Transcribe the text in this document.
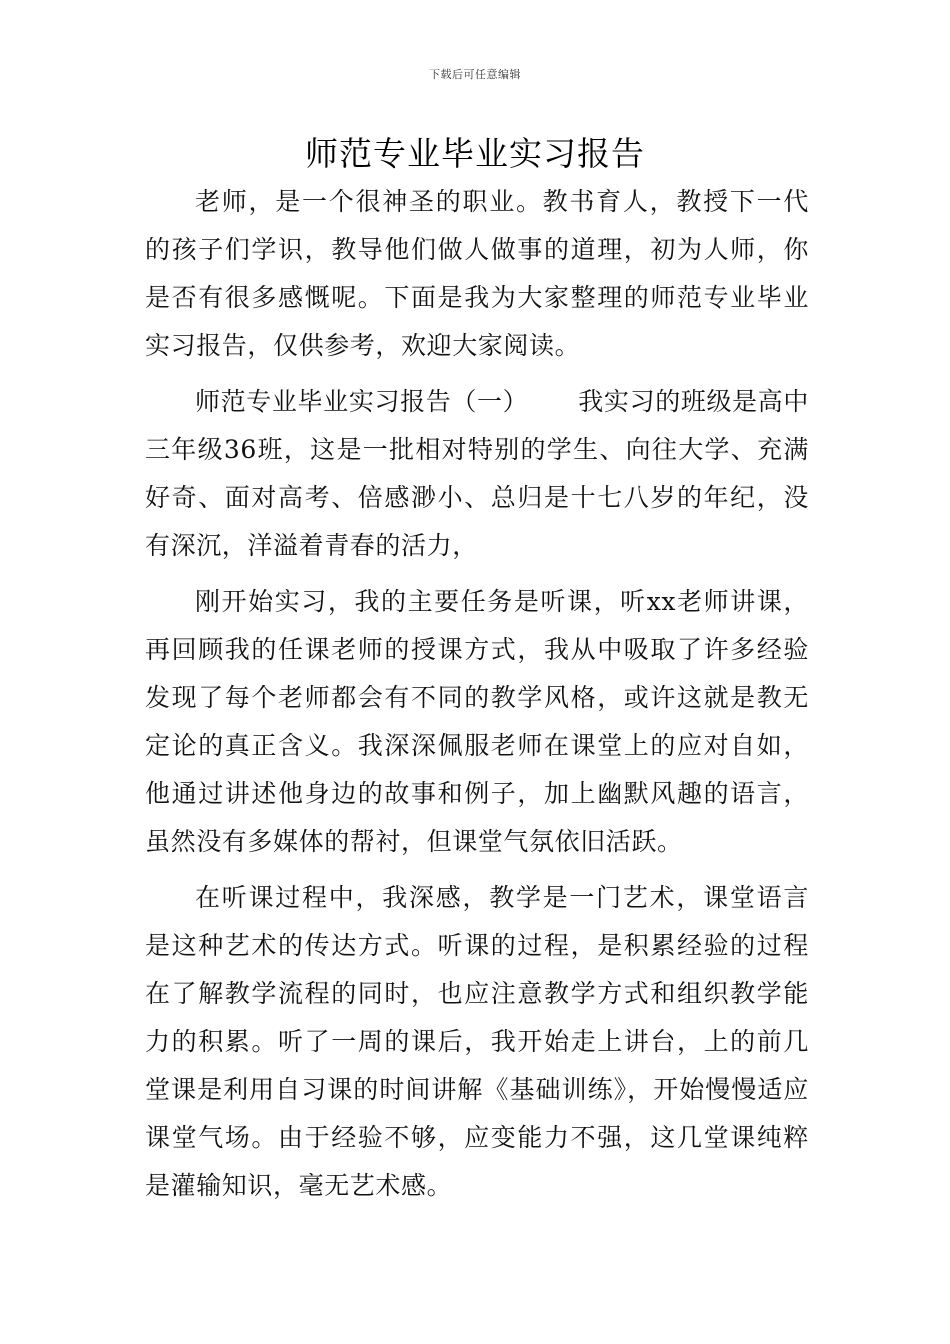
下载后可任意编辑
师范专业毕业实习报告

老师，是一个很神圣的职业。教书育人，教授下一代的孩子们学识，教导他们做人做事的道理，初为人师，你是否有很多感慨呢。下面是我为大家整理的师范专业毕业实习报告，仅供参考，欢迎大家阅读。

师范专业毕业实习报告（一） 我实习的班级是高中三年级36班，这是一批相对特别的学生、向往大学、充满好奇、面对高考、倍感渺小、总归是十七八岁的年纪，没有深沉，洋溢着青春的活力，

刚开始实习，我的主要任务是听课，听xx老师讲课，再回顾我的任课老师的授课方式，我从中吸取了许多经验发现了每个老师都会有不同的教学风格，或许这就是教无定论的真正含义。我深深佩服老师在课堂上的应对自如，他通过讲述他身边的故事和例子，加上幽默风趣的语言，虽然没有多媒体的帮衬，但课堂气氛依旧活跃。

在听课过程中，我深感，教学是一门艺术，课堂语言是这种艺术的传达方式。听课的过程，是积累经验的过程在了解教学流程的同时，也应注意教学方式和组织教学能力的积累。听了一周的课后，我开始走上讲台，上的前几堂课是利用自习课的时间讲解《基础训练》，开始慢慢适应课堂气场。由于经验不够，应变能力不强，这几堂课纯粹是灌输知识，毫无艺术感。
